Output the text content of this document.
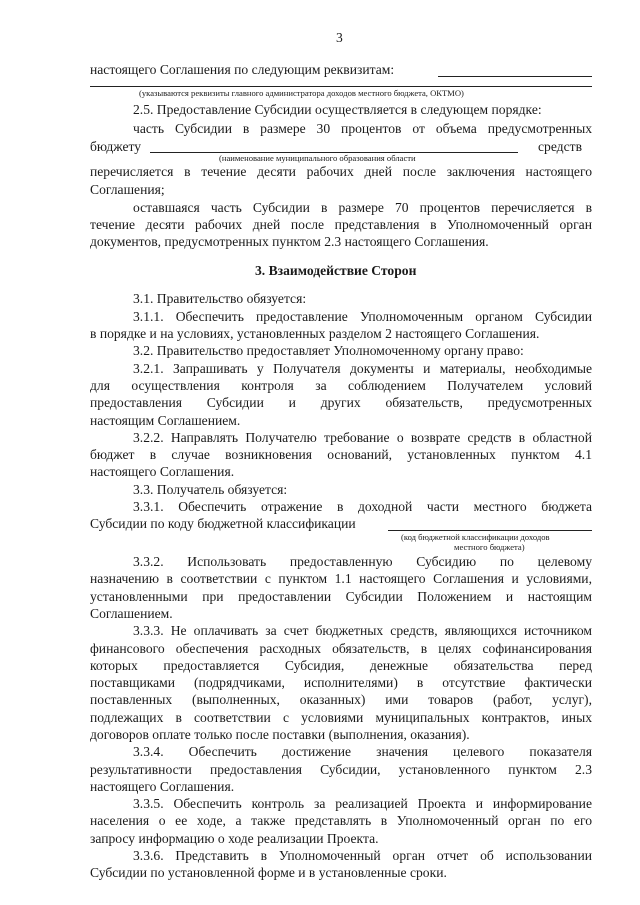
3
настоящего Соглашения по следующим реквизитам:
(указываются реквизиты главного администратора доходов местного бюджета, ОКТМО)
2.5. Предоставление Субсидии осуществляется в следующем порядке:
часть Субсидии в размере 30 процентов от объема предусмотренных
бюджету	средств
(наименование муниципального образования области
перечисляется в течение десяти рабочих дней после заключения настоящего
Соглашения;
оставшаяся часть Субсидии в размере 70 процентов перечисляется в
течение десяти рабочих дней после представления в Уполномоченный орган
документов, предусмотренных пунктом 2.3 настоящего Соглашения.
3. Взаимодействие Сторон
3.1. Правительство обязуется:
3.1.1. Обеспечить предоставление Уполномоченным органом Субсидии
в порядке и на условиях, установленных разделом 2 настоящего Соглашения.
3.2. Правительство предоставляет Уполномоченному органу право:
3.2.1. Запрашивать у Получателя документы и материалы, необходимые
для осуществления контроля за соблюдением Получателем условий
предоставления Субсидии и других обязательств, предусмотренных
настоящим Соглашением.
3.2.2. Направлять Получателю требование о возврате средств в областной
бюджет в случае возникновения оснований, установленных пунктом 4.1
настоящего Соглашения.
3.3. Получатель обязуется:
3.3.1. Обеспечить отражение в доходной части местного бюджета
Субсидии по коду бюджетной классификации
(код бюджетной классификации доходов
местного бюджета)
3.3.2. Использовать предоставленную Субсидию по целевому
назначению в соответствии с пунктом 1.1 настоящего Соглашения и условиями,
установленными при предоставлении Субсидии Положением и настоящим
Соглашением.
3.3.3. Не оплачивать за счет бюджетных средств, являющихся источником
финансового обеспечения расходных обязательств, в целях софинансирования
которых предоставляется Субсидия, денежные обязательства перед
поставщиками (подрядчиками, исполнителями) в отсутствие фактически
поставленных (выполненных, оказанных) ими товаров (работ, услуг),
подлежащих в соответствии с условиями муниципальных контрактов, иных
договоров оплате только после поставки (выполнения, оказания).
3.3.4. Обеспечить достижение значения целевого показателя
результативности предоставления Субсидии, установленного пунктом 2.3
настоящего Соглашения.
3.3.5. Обеспечить контроль за реализацией Проекта и информирование
населения о ее ходе, а также представлять в Уполномоченный орган по его
запросу информацию о ходе реализации Проекта.
3.3.6. Представить в Уполномоченный орган отчет об использовании
Субсидии по установленной форме и в установленные сроки.
